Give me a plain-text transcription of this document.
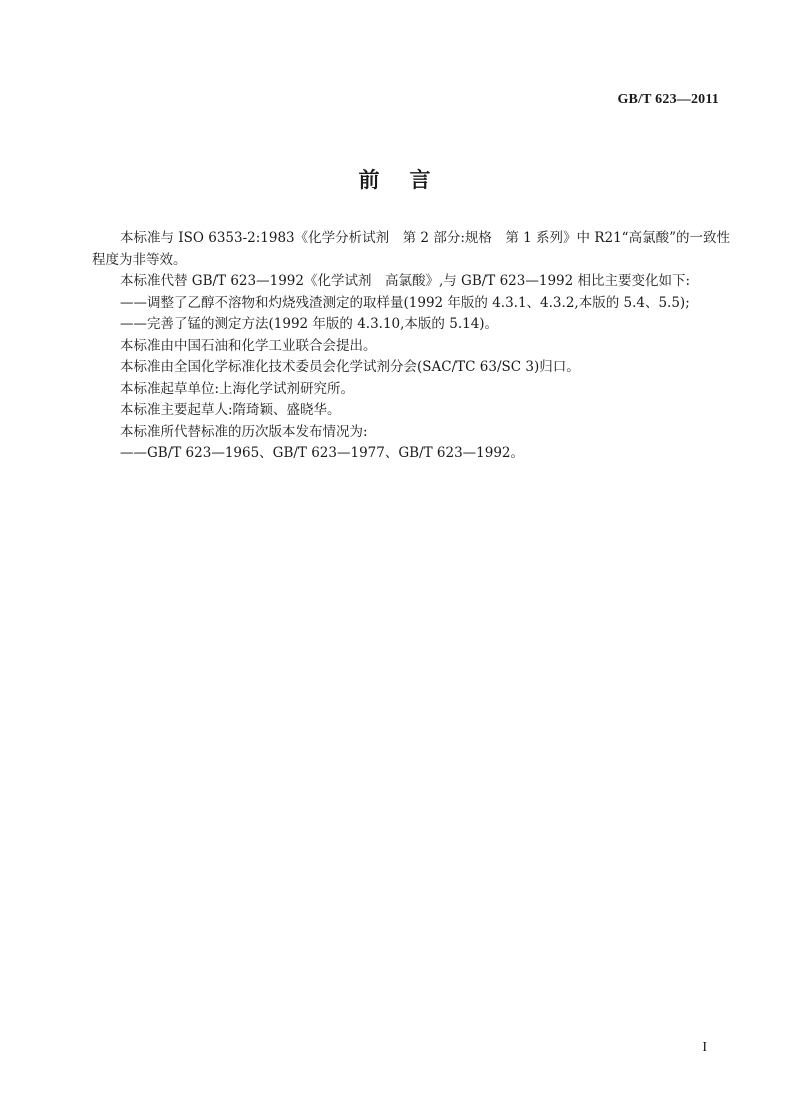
GB/T 623—2011
前言

本标准与 ISO 6353-2:1983《化学分析试剂　第 2 部分:规格　第 1 系列》中 R21“高氯酸”的一致性

程度为非等效。

本标准代替 GB/T 623—1992《化学试剂　高氯酸》,与 GB/T 623—1992 相比主要变化如下:

——调整了乙醇不溶物和灼烧残渣测定的取样量(1992 年版的 4.3.1、4.3.2,本版的 5.4、5.5);

——完善了锰的测定方法(1992 年版的 4.3.10,本版的 5.14)。

本标准由中国石油和化学工业联合会提出。

本标准由全国化学标准化技术委员会化学试剂分会(SAC/TC 63/SC 3)归口。

本标准起草单位:上海化学试剂研究所。

本标准主要起草人:隋琦颖、盛晓华。

本标准所代替标准的历次版本发布情况为:

——GB/T 623—1965、GB/T 623—1977、GB/T 623—1992。

I
